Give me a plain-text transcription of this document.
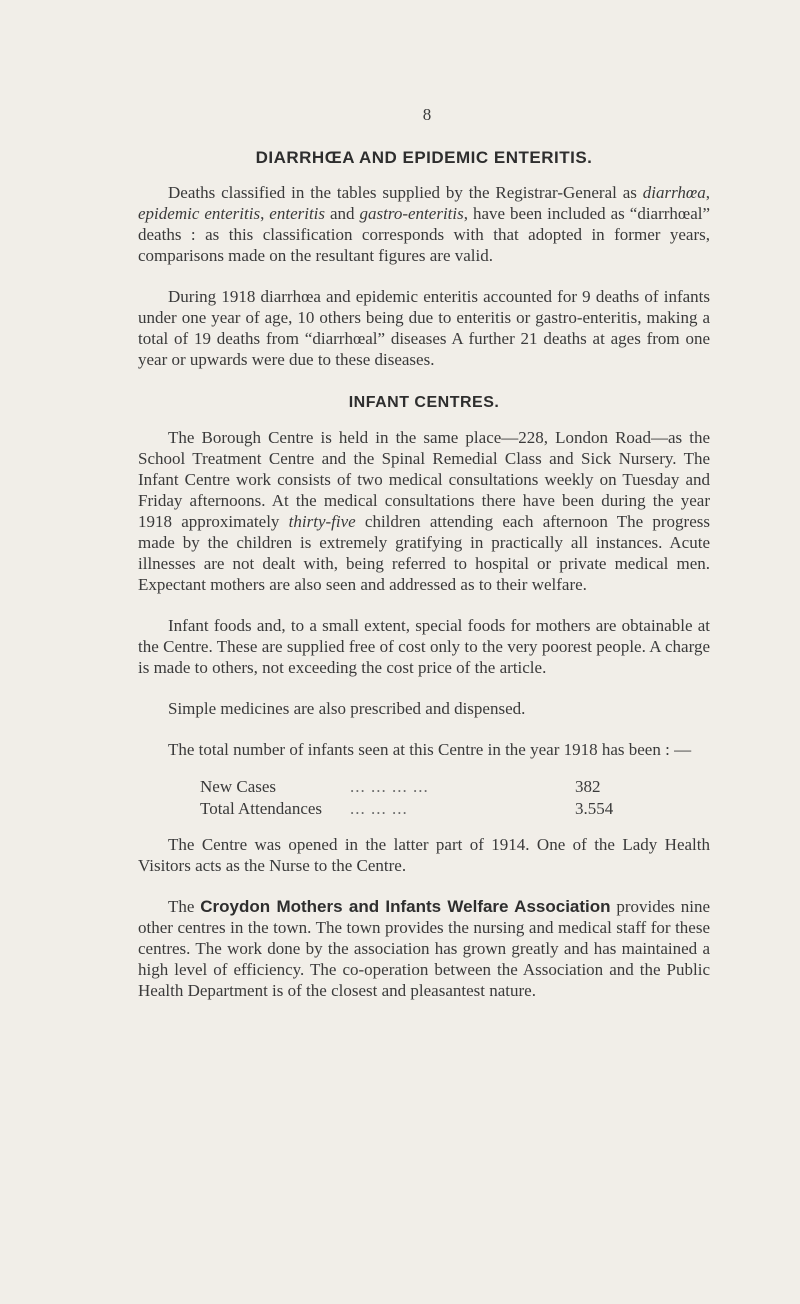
8
DIARRHŒA AND EPIDEMIC ENTERITIS.

Deaths classified in the tables supplied by the Registrar-General as diarrhœa, epidemic enteritis, enteritis and gastro-enteritis, have been included as “diarrhœal” deaths : as this classification corresponds with that adopted in former years, comparisons made on the resultant figures are valid.

During 1918 diarrhœa and epidemic enteritis accounted for 9 deaths of infants under one year of age, 10 others being due to enteritis or gastro-enteritis, making a total of 19 deaths from “diarrhœal” diseases A further 21 deaths at ages from one year or upwards were due to these diseases.

INFANT CENTRES.

The Borough Centre is held in the same place—228, London Road—as the School Treatment Centre and the Spinal Remedial Class and Sick Nursery. The Infant Centre work consists of two medical consultations weekly on Tuesday and Friday afternoons. At the medical consultations there have been during the year 1918 approximately thirty-five children attending each afternoon The progress made by the children is extremely gratifying in practically all instances. Acute illnesses are not dealt with, being referred to hospital or private medical men. Expectant mothers are also seen and addressed as to their welfare.

Infant foods and, to a small extent, special foods for mothers are obtainable at the Centre. These are supplied free of cost only to the very poorest people. A charge is made to others, not exceeding the cost price of the article.

Simple medicines are also prescribed and dispensed.

The total number of infants seen at this Centre in the year 1918 has been : —

New Cases	... ... ... ...	382
Total Attendances	... ... ...	3.554

The Centre was opened in the latter part of 1914. One of the Lady Health Visitors acts as the Nurse to the Centre.

The Croydon Mothers and Infants Welfare Association provides nine other centres in the town. The town provides the nursing and medical staff for these centres. The work done by the association has grown greatly and has maintained a high level of efficiency. The co-operation between the Association and the Public Health Department is of the closest and pleasantest nature.
